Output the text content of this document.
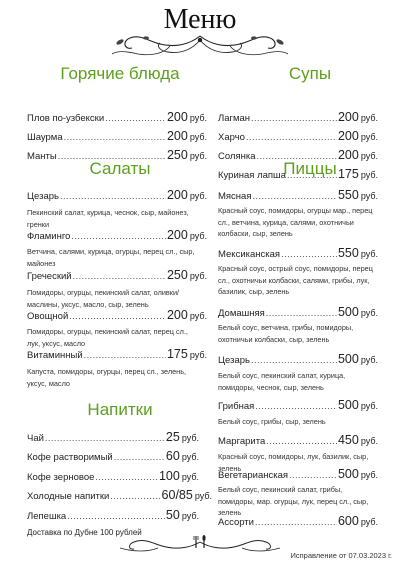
Меню
Горячие блюда	Супы
Салаты	Пиццы
Напитки
Плов по-узбекски .....	200 руб.
Шаурма .....	200 руб.
Манты .....	250 руб.
Лагман .....	200 руб.
Харчо .....	200 руб.
Солянка .....	200 руб.
Куриная лапша .....	175 руб.
Цезарь .....	200 руб.
Пекинский салат, курица, чеснок, сыр, майонез, гренки
Фламинго .....	200 руб.
Ветчина, салями, курица, огурцы, перец сл., сыр, майонез
Греческий .....	250 руб.
Помидоры, огурцы, пекинский салат, оливки/маслины, уксус, масло, сыр, зелень
Овощной .....	200 руб.
Помидоры, огурцы, пекинский салат, перец сл., лук, уксус, масло
Витаминный .....	175 руб.
Капуста, помидоры, огурцы, перец сл., зелень, уксус, масло
Чай .....	25 руб.
Кофе растворимый .....	60 руб.
Кофе зерновое .....	100 руб.
Холодные напитки .....	60/85 руб.
Лепешка .....	50 руб.
Доставка по Дубне 100 рублей
Мясная .....	550 руб.
Красный соус, помидоры, огурцы мар., перец сл., ветчина, курица, салями, охотничьи колбаски, сыр, зелень
Мексиканская .....	550 руб.
Красный соус, острый соус, помидоры, перец сл., охотничьи колбаски, салями, грибы, лук, базилик, сыр, зелень
Домашняя .....	500 руб.
Белый соус, ветчина, грибы, помидоры, охотничьи колбаски, сыр, зелень
Цезарь .....	500 руб.
Белый соус, пекинский салат, курица, помидоры, чеснок, сыр, зелень
Грибная .....	500 руб.
Белый соус, грибы, сыр, зелень
Маргарита .....	450 руб.
Красный соус, помидоры, лук, базилик, сыр, зелень
Вегетарианская .....	500 руб.
Белый соус, пекинский салат, грибы, помидоры, мар. огурцы, лук, перец сл., сыр, зелень
Ассорти .....	600 руб.
Исправление от 07.03.2023 г.
